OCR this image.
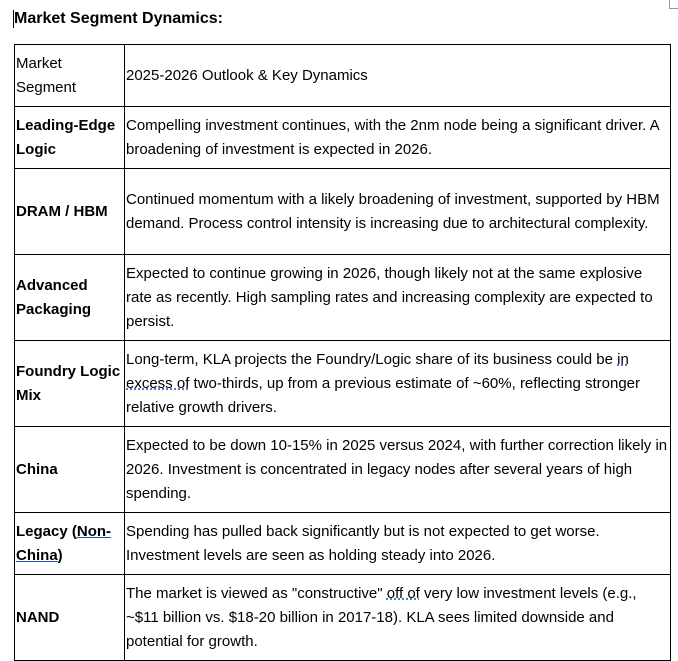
Market Segment Dynamics:
Market Segment	2025-2026 Outlook & Key Dynamics
Leading-Edge Logic	Compelling investment continues, with the 2nm node being a significant driver. A broadening of investment is expected in 2026.
DRAM / HBM	Continued momentum with a likely broadening of investment, supported by HBM demand. Process control intensity is increasing due to architectural complexity.
Advanced Packaging	Expected to continue growing in 2026, though likely not at the same explosive rate as recently. High sampling rates and increasing complexity are expected to persist.
Foundry Logic Mix	Long-term, KLA projects the Foundry/Logic share of its business could be in excess of two-thirds, up from a previous estimate of ~60%, reflecting stronger relative growth drivers.
China	Expected to be down 10-15% in 2025 versus 2024, with further correction likely in 2026. Investment is concentrated in legacy nodes after several years of high spending.
Legacy (Non-China)	Spending has pulled back significantly but is not expected to get worse. Investment levels are seen as holding steady into 2026.
NAND	The market is viewed as "constructive" off of very low investment levels (e.g., ~$11 billion vs. $18-20 billion in 2017-18). KLA sees limited downside and potential for growth.
